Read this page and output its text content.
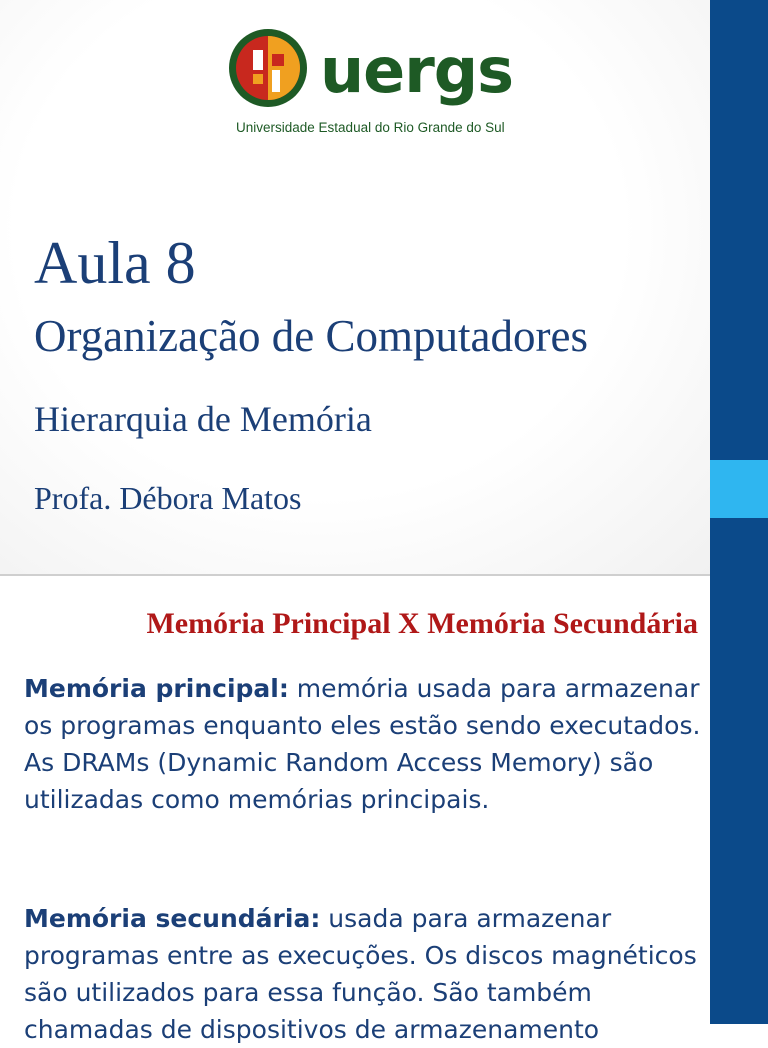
uergs
Universidade Estadual do Rio Grande do Sul
Aula 8
Organização de Computadores
Hierarquia de Memória
Profa. Débora Matos
Memória Principal X Memória Secundária

Memória principal: memória usada para armazenar os programas enquanto eles estão sendo executados. As DRAMs (Dynamic Random Access Memory) são utilizadas como memórias principais.

Memória secundária: usada para armazenar programas entre as execuções. Os discos magnéticos são utilizados para essa função. São também chamadas de dispositivos de armazenamento
